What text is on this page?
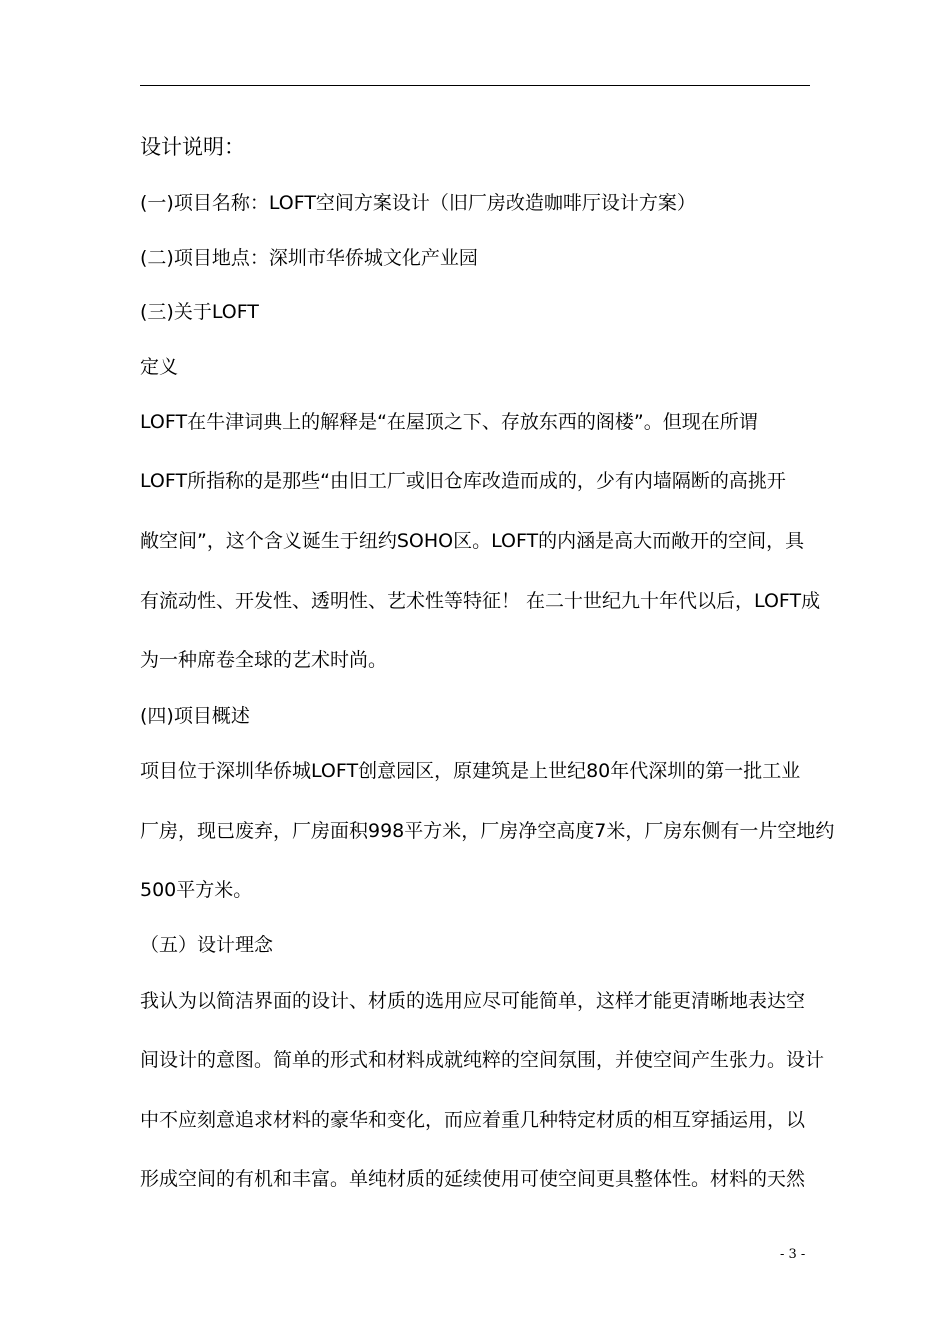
设计说明：
(一)项目名称：LOFT空间方案设计（旧厂房改造咖啡厅设计方案）
(二)项目地点：深圳市华侨城文化产业园
(三)关于LOFT
定义
LOFT在牛津词典上的解释是“在屋顶之下、存放东西的阁楼”。但现在所谓
LOFT所指称的是那些“由旧工厂或旧仓库改造而成的，少有内墙隔断的高挑开
敞空间”，这个含义诞生于纽约SOHO区。LOFT的内涵是高大而敞开的空间，具
有流动性、开发性、透明性、艺术性等特征！ 在二十世纪九十年代以后，LOFT成
为一种席卷全球的艺术时尚。
(四)项目概述
项目位于深圳华侨城LOFT创意园区，原建筑是上世纪80年代深圳的第一批工业
厂房，现已废弃，厂房面积998平方米，厂房净空高度7米，厂房东侧有一片空地约
500平方米。
（五）设计理念
我认为以简洁界面的设计、材质的选用应尽可能简单，这样才能更清晰地表达空
间设计的意图。简单的形式和材料成就纯粹的空间氛围，并使空间产生张力。设计
中不应刻意追求材料的豪华和变化，而应着重几种特定材质的相互穿插运用，以
形成空间的有机和丰富。单纯材质的延续使用可使空间更具整体性。材料的天然
- 3 -
